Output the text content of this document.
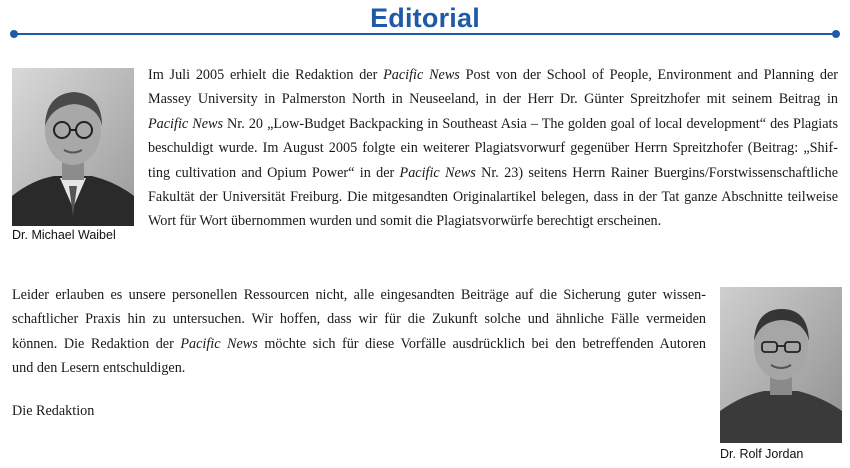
Editorial
Dr. Michael Waibel
Im Juli 2005 erhielt die Redaktion der Pacific News Post von der School of People, Environment and Planning der
Massey University in Palmerston North in Neuseeland, in der Herr Dr. Günter Spreitzhofer mit seinem Beitrag in
Pacific News Nr. 20 „Low-Budget Backpacking in Southeast Asia – The golden goal of local development“ des Plagiats
beschuldigt wurde. Im August 2005 folgte ein weiterer Plagiatsvorwurf gegenüber Herrn Spreitzhofer (Beitrag: „Shif-
ting cultivation and Opium Power“ in der Pacific News Nr. 23) seitens Herrn Rainer Buergins/Forstwissenschaftliche
Fakultät der Universität Freiburg. Die mitgesandten Originalartikel belegen, dass in der Tat ganze Abschnitte teilweise
Wort für Wort übernommen wurden und somit die Plagiatsvorwürfe berechtigt erscheinen.
Leider erlauben es unsere personellen Ressourcen nicht, alle eingesandten Beiträge auf die Sicherung guter wissen-
schaftlicher Praxis hin zu untersuchen. Wir hoffen, dass wir für die Zukunft solche und ähnliche Fälle vermeiden
können. Die Redaktion der Pacific News möchte sich für diese Vorfälle ausdrücklich bei den betreffenden Autoren
und den Lesern entschuldigen.
Die Redaktion
Dr. Rolf Jordan
